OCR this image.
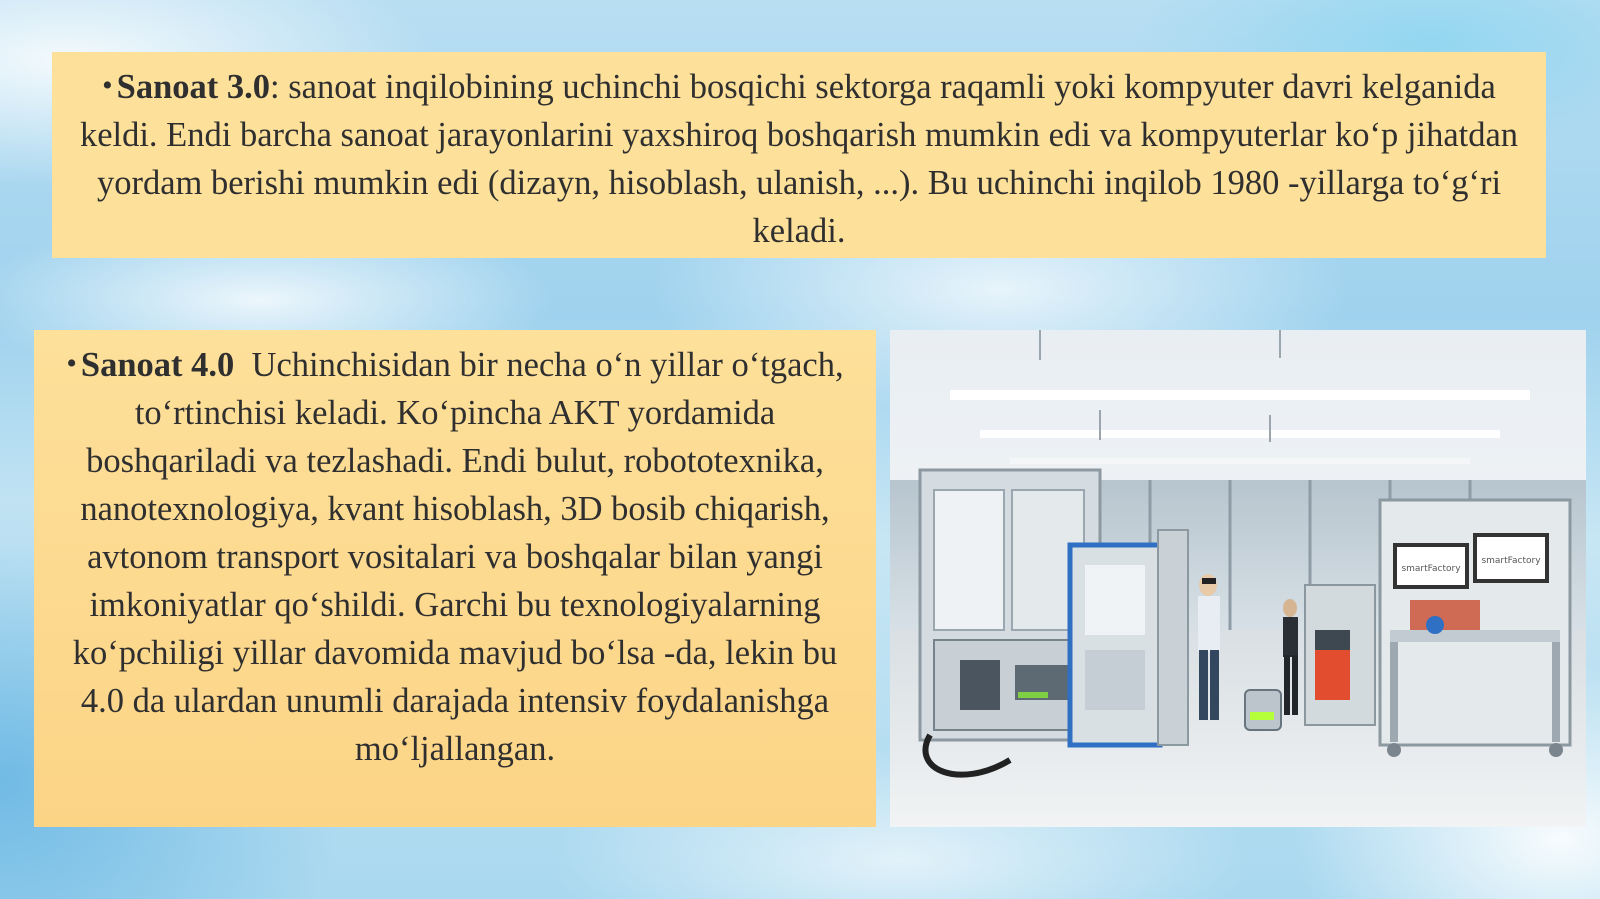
• Sanoat 3.0: sanoat inqilobining uchinchi bosqichi sektorga raqamli yoki kompyuter davri kelganida keldi. Endi barcha sanoat jarayonlarini yaxshiroq boshqarish mumkin edi va kompyuterlar ko‘p jihatdan yordam berishi mumkin edi (dizayn, hisoblash, ulanish, ...). Bu uchinchi inqilob 1980 -yillarga to‘g‘ri keladi.
• Sanoat 4.0  Uchinchisidan bir necha o‘n yillar o‘tgach, to‘rtinchisi keladi. Ko‘pincha AKT yordamida boshqariladi va tezlashadi. Endi bulut, robototexnika, nanotexnologiya, kvant hisoblash, 3D bosib chiqarish, avtonom transport vositalari va boshqalar bilan yangi imkoniyatlar qo‘shildi. Garchi bu texnologiyalarning ko‘pchiligi yillar davomida mavjud bo‘lsa -da, lekin bu 4.0 da ulardan unumli darajada intensiv foydalanishga mo‘ljallangan.
smartFactory
smartFactory
